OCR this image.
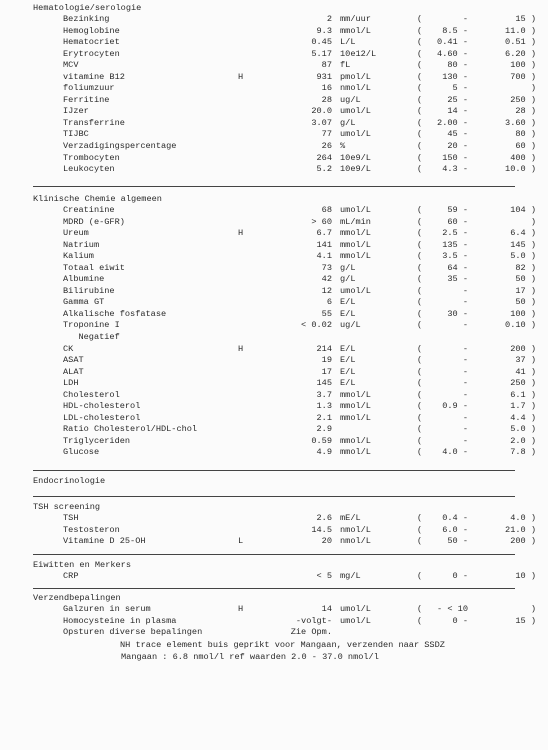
Hematologie/serologie
Bezinking	2 mm/uur	(	-	15 )
Hemoglobine	9.3 mmol/L	(	8.5 -	11.0 )
Hematocriet	0.45 L/L	(	0.41 -	0.51 )
Erytrocyten	5.17 10e12/L	(	4.60 -	6.20 )
MCV	87 fL	(	80 -	100 )
vitamine B12	H	931 pmol/L	(	130 -	700 )
foliumzuur	16 nmol/L	(	5 -	)
Ferritine	28 ug/L	(	25 -	250 )
IJzer	20.0 umol/L	(	14 -	28 )
Transferrine	3.07 g/L	(	2.00 -	3.60 )
TIJBC	77 umol/L	(	45 -	80 )
Verzadigingspercentage	26 %	(	20 -	60 )
Trombocyten	264 10e9/L	(	150 -	400 )
Leukocyten	5.2 10e9/L	(	4.3 -	10.0 )
Klinische Chemie algemeen
Creatinine	68 umol/L	(	59 -	104 )
MDRD (e-GFR)	> 60 mL/min	(	60 -	)
Ureum	H	6.7 mmol/L	(	2.5 -	6.4 )
Natrium	141 mmol/L	(	135 -	145 )
Kalium	4.1 mmol/L	(	3.5 -	5.0 )
Totaal eiwit	73 g/L	(	64 -	82 )
Albumine	42 g/L	(	35 -	50 )
Bilirubine	12 umol/L	(	-	17 )
Gamma GT	6 E/L	(	-	50 )
Alkalische fosfatase	55 E/L	(	30 -	100 )
Troponine I	< 0.02 ug/L	(	-	0.10 )
Negatief
CK	H	214 E/L	(	-	200 )
ASAT	19 E/L	(	-	37 )
ALAT	17 E/L	(	-	41 )
LDH	145 E/L	(	-	250 )
Cholesterol	3.7 mmol/L	(	-	6.1 )
HDL-cholesterol	1.3 mmol/L	(	0.9 -	1.7 )
LDL-cholesterol	2.1 mmol/L	(	-	4.4 )
Ratio Cholesterol/HDL-chol	2.9	(	-	5.0 )
Triglyceriden	0.59 mmol/L	(	-	2.0 )
Glucose	4.9 mmol/L	(	4.0 -	7.8 )
Endocrinologie
TSH screening
TSH	2.6 mE/L	(	0.4 -	4.0 )
Testosteron	14.5 nmol/L	(	6.0 -	21.0 )
Vitamine D 25-OH	L	20 nmol/L	(	50 -	200 )
Eiwitten en Merkers
CRP	< 5 mg/L	(	0 -	10 )
Verzendbepalingen
Galzuren in serum	H	14 umol/L	(	- < 10	)
Homocysteine in plasma	-volgt- umol/L	(	0 -	15 )
Opsturen diverse bepalingen	Zie Opm.
NH trace element buis geprikt voor Mangaan, verzenden naar SSDZ
Mangaan : 6.8 nmol/l ref waarden 2.0 - 37.0 nmol/l
